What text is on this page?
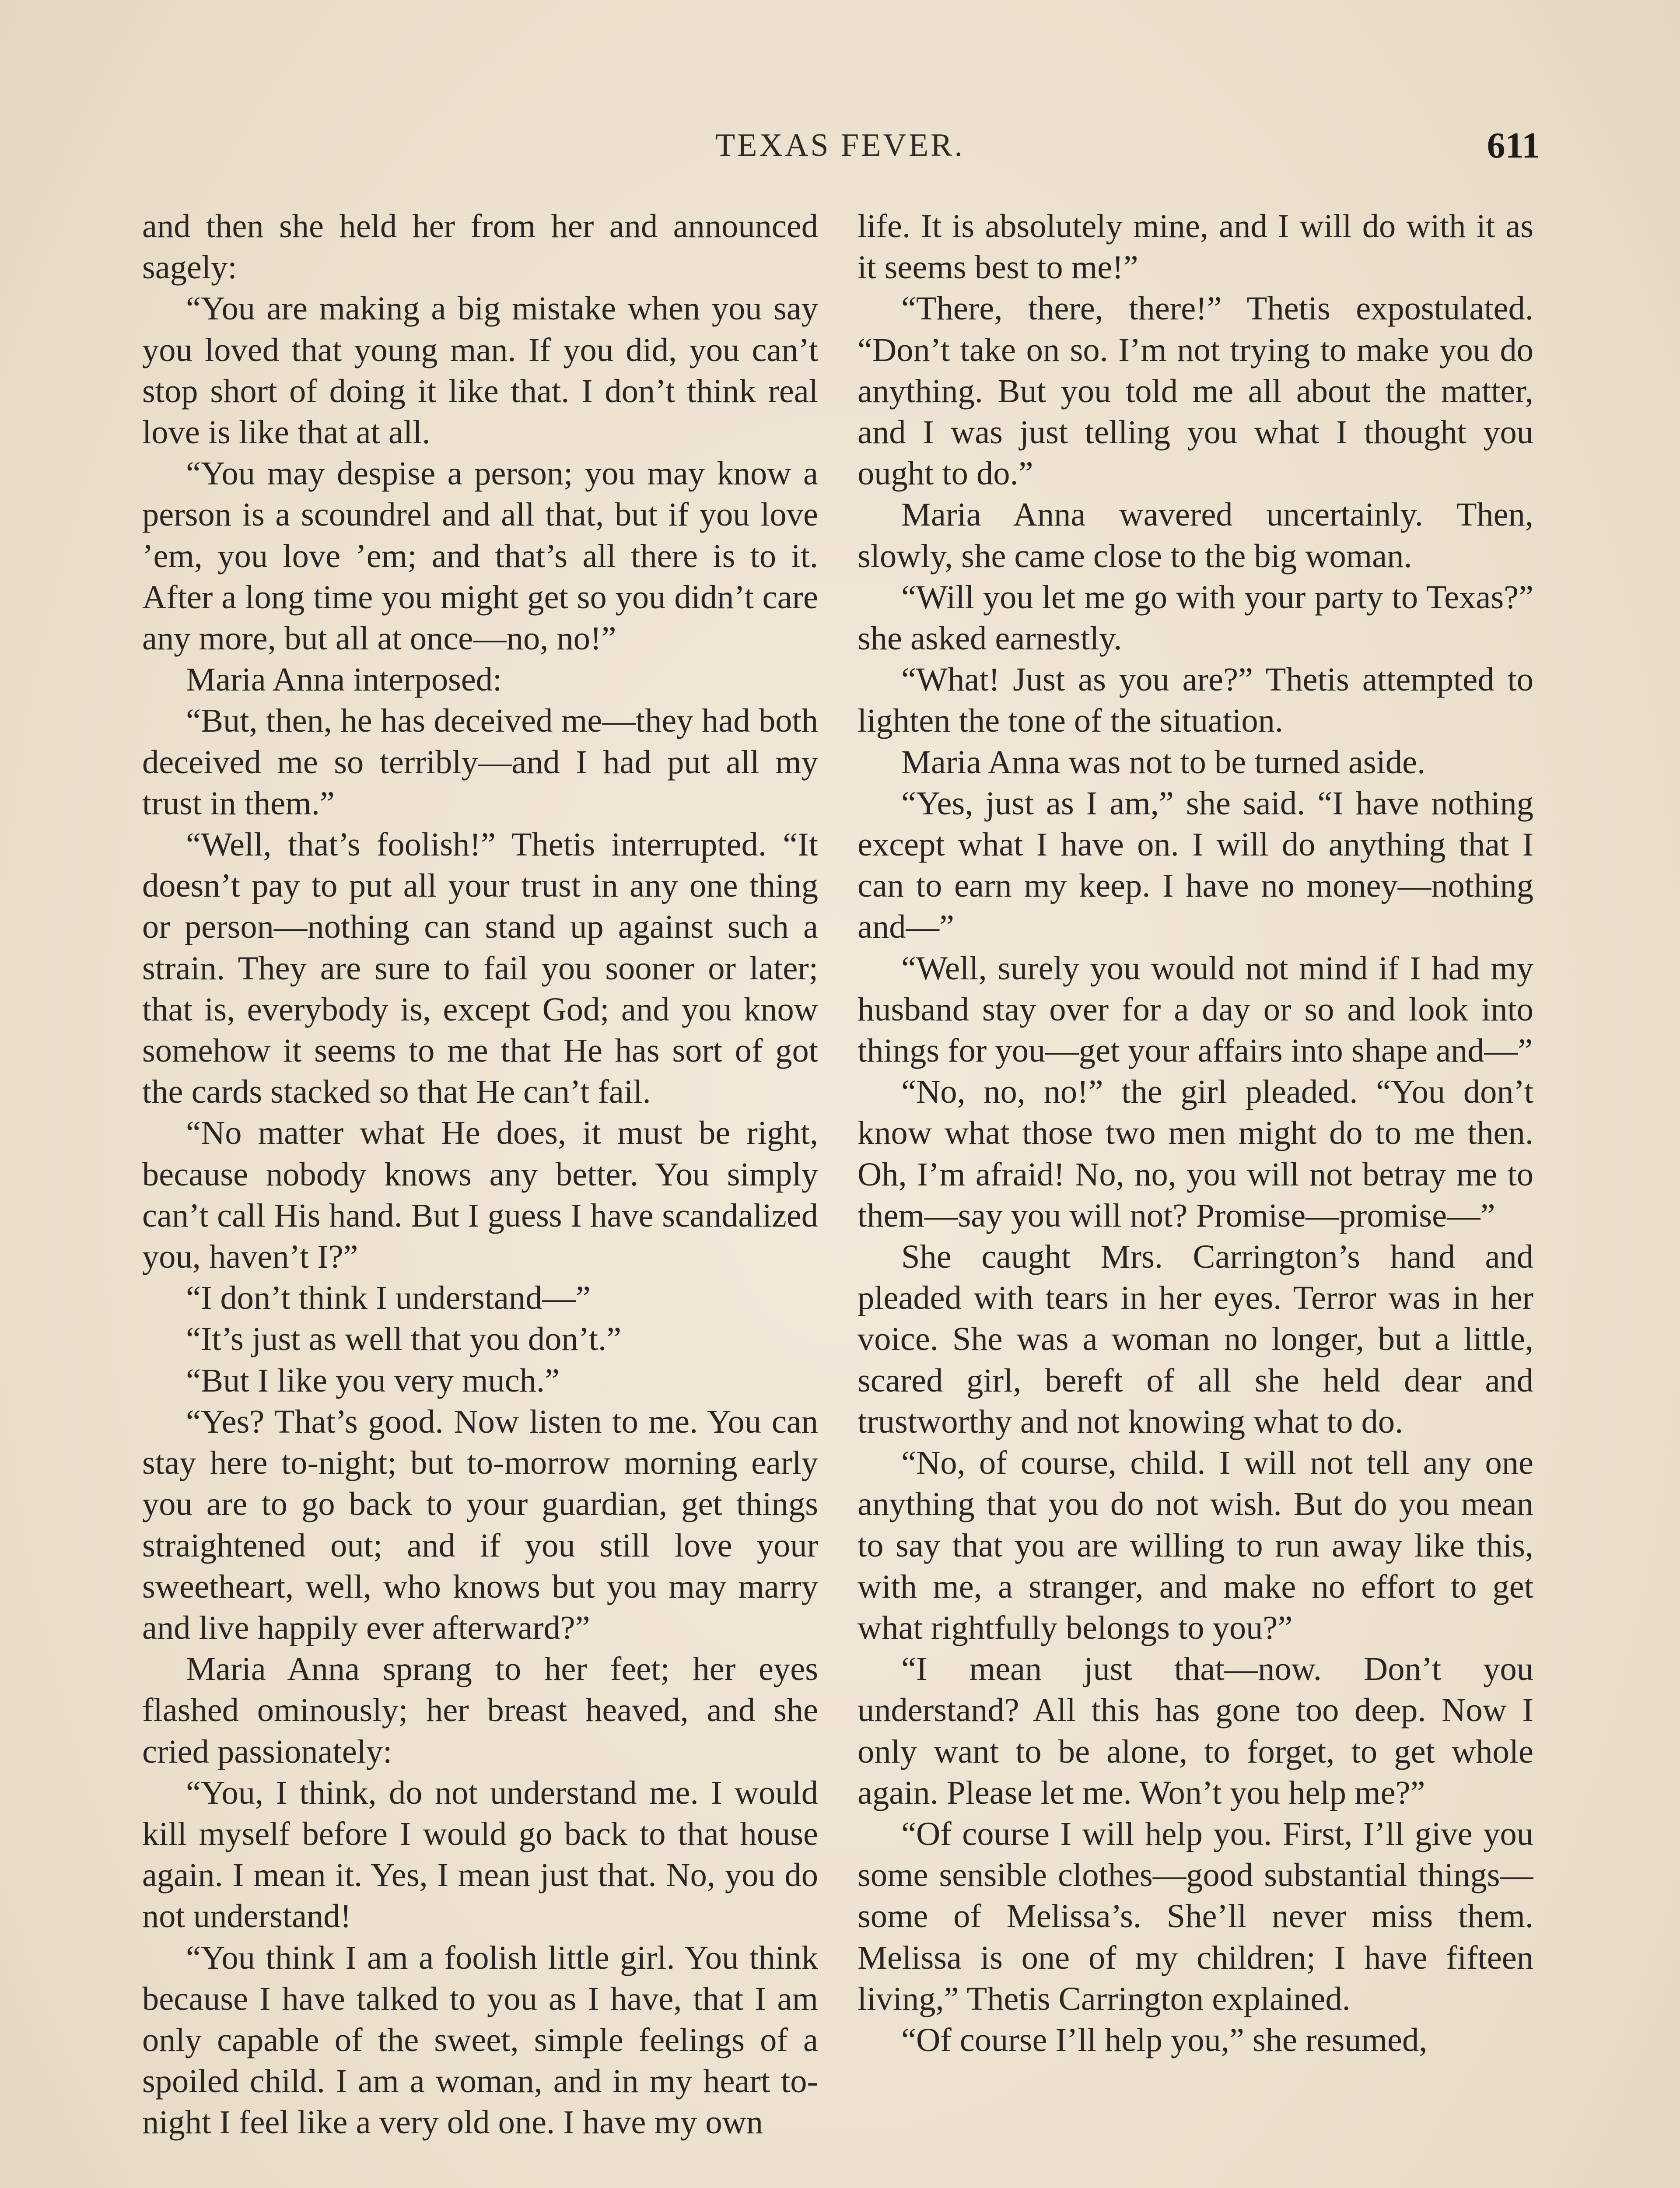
TEXAS FEVER.	611

and then she held her from her and announced sagely:

“You are making a big mistake when you say you loved that young man. If you did, you can’t stop short of doing it like that. I don’t think real love is like that at all.

“You may despise a person; you may know a person is a scoundrel and all that, but if you love ’em, you love ’em; and that’s all there is to it. After a long time you might get so you didn’t care any more, but all at once—no, no!”

Maria Anna interposed:

“But, then, he has deceived me—they had both deceived me so terribly—and I had put all my trust in them.”

“Well, that’s foolish!” Thetis interrupted. “It doesn’t pay to put all your trust in any one thing or person—nothing can stand up against such a strain. They are sure to fail you sooner or later; that is, everybody is, except God; and you know somehow it seems to me that He has sort of got the cards stacked so that He can’t fail.

“No matter what He does, it must be right, because nobody knows any better. You simply can’t call His hand. But I guess I have scandalized you, haven’t I?”

“I don’t think I understand—”

“It’s just as well that you don’t.”

“But I like you very much.”

“Yes? That’s good. Now listen to me. You can stay here to-night; but to-morrow morning early you are to go back to your guardian, get things straightened out; and if you still love your sweetheart, well, who knows but you may marry and live happily ever afterward?”

Maria Anna sprang to her feet; her eyes flashed ominously; her breast heaved, and she cried passionately:

“You, I think, do not understand me. I would kill myself before I would go back to that house again. I mean it. Yes, I mean just that. No, you do not understand!

“You think I am a foolish little girl. You think because I have talked to you as I have, that I am only capable of the sweet, simple feelings of a spoiled child. I am a woman, and in my heart to-night I feel like a very old one. I have my own

life. It is absolutely mine, and I will do with it as it seems best to me!”

“There, there, there!” Thetis expostulated. “Don’t take on so. I’m not trying to make you do anything. But you told me all about the matter, and I was just telling you what I thought you ought to do.”

Maria Anna wavered uncertainly. Then, slowly, she came close to the big woman.

“Will you let me go with your party to Texas?” she asked earnestly.

“What! Just as you are?” Thetis attempted to lighten the tone of the situation.

Maria Anna was not to be turned aside.

“Yes, just as I am,” she said. “I have nothing except what I have on. I will do anything that I can to earn my keep. I have no money—nothing and—”

“Well, surely you would not mind if I had my husband stay over for a day or so and look into things for you—get your affairs into shape and—”

“No, no, no!” the girl pleaded. “You don’t know what those two men might do to me then. Oh, I’m afraid! No, no, you will not betray me to them—say you will not? Promise—promise—”

She caught Mrs. Carrington’s hand and pleaded with tears in her eyes. Terror was in her voice. She was a woman no longer, but a little, scared girl, bereft of all she held dear and trustworthy and not knowing what to do.

“No, of course, child. I will not tell any one anything that you do not wish. But do you mean to say that you are willing to run away like this, with me, a stranger, and make no effort to get what rightfully belongs to you?”

“I mean just that—now. Don’t you understand? All this has gone too deep. Now I only want to be alone, to forget, to get whole again. Please let me. Won’t you help me?”

“Of course I will help you. First, I’ll give you some sensible clothes—good substantial things—some of Melissa’s. She’ll never miss them. Melissa is one of my children; I have fifteen living,” Thetis Carrington explained.

“Of course I’ll help you,” she resumed,
